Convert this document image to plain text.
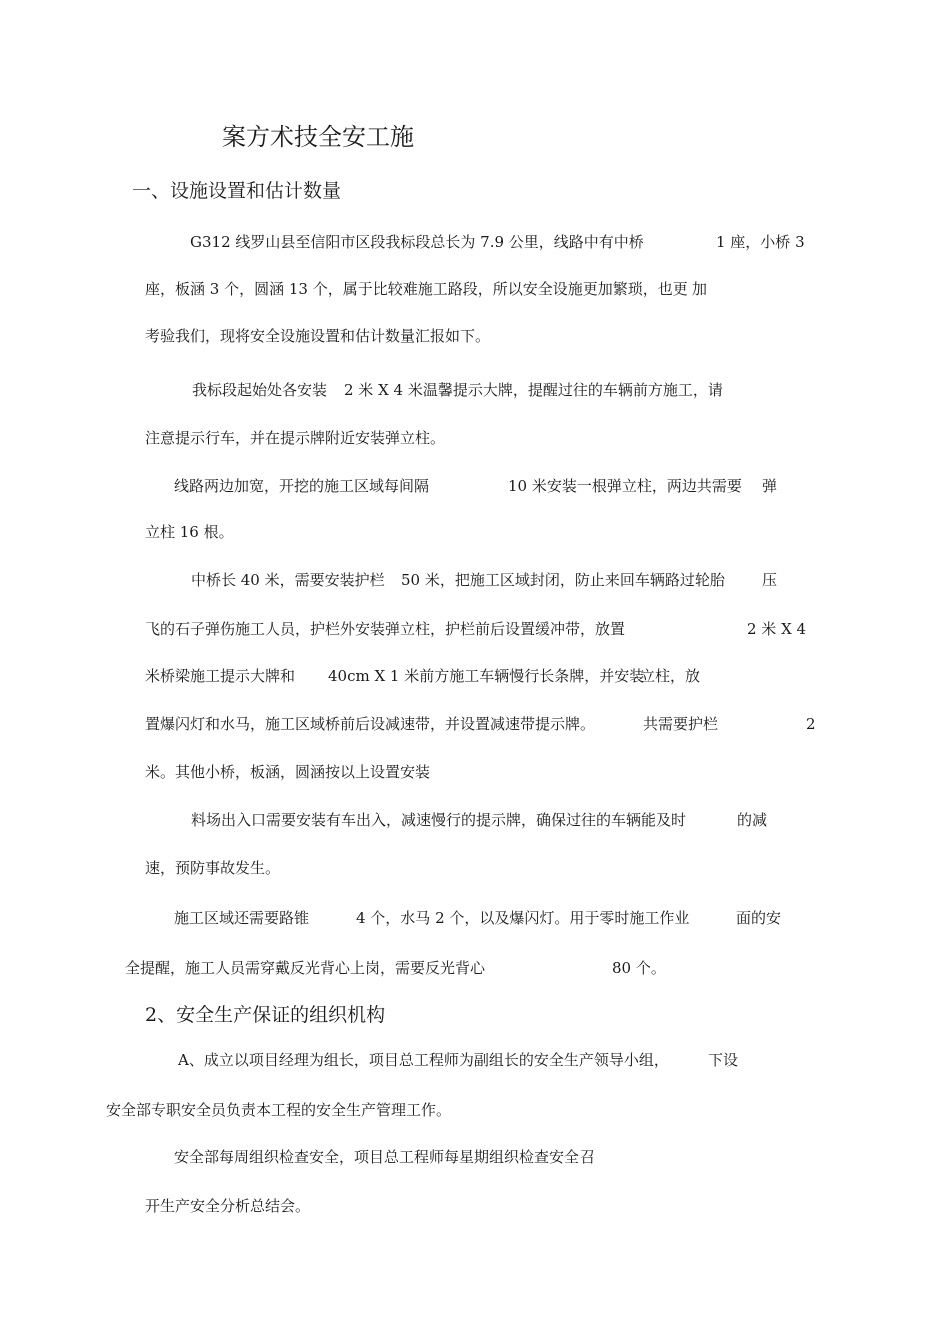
案方术技全安工施
一、设施设置和估计数量
G312 线罗山县至信阳市区段我标段总长为 7.9 公里，线路中有中桥	1 座，小桥 3
座，板涵 3 个，圆涵 13 个，属于比较难施工路段，所以安全设施更加繁琐，也更 加
考验我们，现将安全设施设置和估计数量汇报如下。
我标段起始处各安装 2 米 X 4 米温馨提示大牌，提醒过往的车辆前方施工，请
注意提示行车，并在提示牌附近安装弹立柱。
线路两边加宽，开挖的施工区域每间隔	10 米安装一根弹立柱，两边共需要 弹
立柱 16 根。
中桥长 40 米，需要安装护栏 50 米，把施工区域封闭，防止来回车辆路过轮胎 压
飞的石子弹伤施工人员，护栏外安装弹立柱，护栏前后设置缓冲带，放置	2 米 X 4
米桥梁施工提示大牌和 40cm X 1 米前方施工车辆慢行长条牌，并安装
立柱，放
置爆闪灯和水马，施工区域桥前后设减速带，并设置减速带提示牌。	共需要护栏	2
米。其他小桥，板涵，圆涵按以上设置安装
料场出入口需要安装有车出入，减速慢行的提示牌，确保过往的车辆能及时	的减
速，预防事故发生。
施工区域还需要路锥	4 个，水马 2 个，以及爆闪灯。用于零时施工作业	面的安
全提醒，施工人员需穿戴反光背心上岗，需要反光背心	80 个。
2、安全生产保证的组织机构
A、成立以项目经理为组长，项目总工程师为副组长的安全生产领导小组，	下设
安全部专职安全员负责本工程的安全生产管理工作。
安全部每周组织检查安全，项目总工程师每星期组织检查安全 召
开生产安全分析总结会。
